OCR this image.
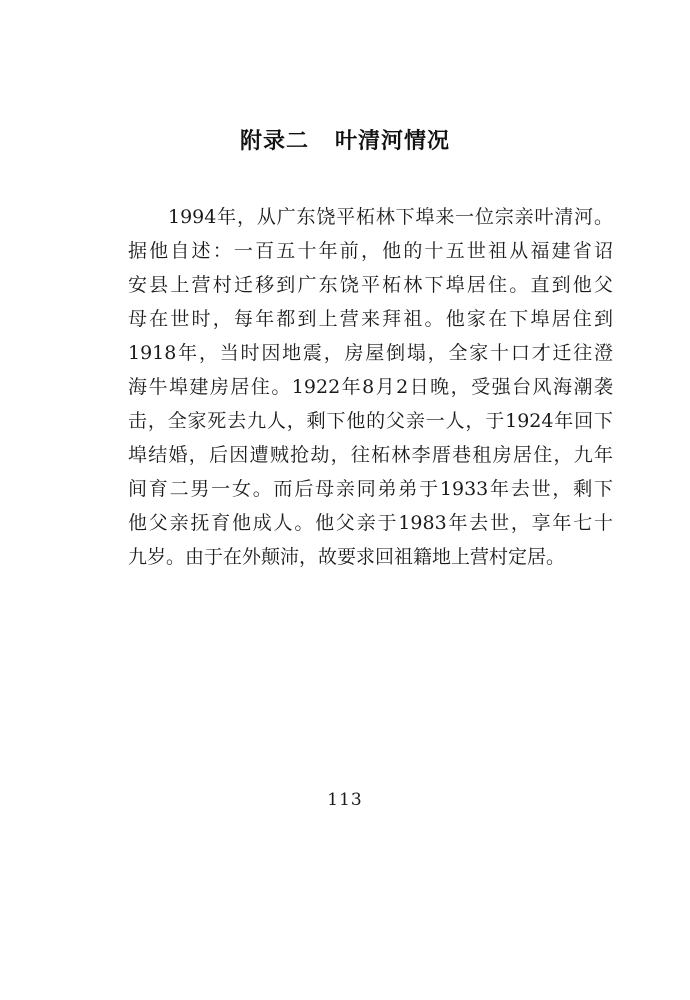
附录二 叶清河情况
1994年，从广东饶平柘林下埠来一位宗亲叶清河。
据他自述：一百五十年前，他的十五世祖从福建省诏
安县上营村迁移到广东饶平柘林下埠居住。直到他父
母在世时，每年都到上营来拜祖。他家在下埠居住到
1918年，当时因地震，房屋倒塌，全家十口才迁往澄
海牛埠建房居住。1922年8月2日晚，受强台风海潮袭
击，全家死去九人，剩下他的父亲一人，于1924年回下
埠结婚，后因遭贼抢劫，往柘林李厝巷租房居住，九年
间育二男一女。而后母亲同弟弟于1933年去世，剩下
他父亲抚育他成人。他父亲于1983年去世，享年七十
九岁。由于在外颠沛，故要求回祖籍地上营村定居。
113
